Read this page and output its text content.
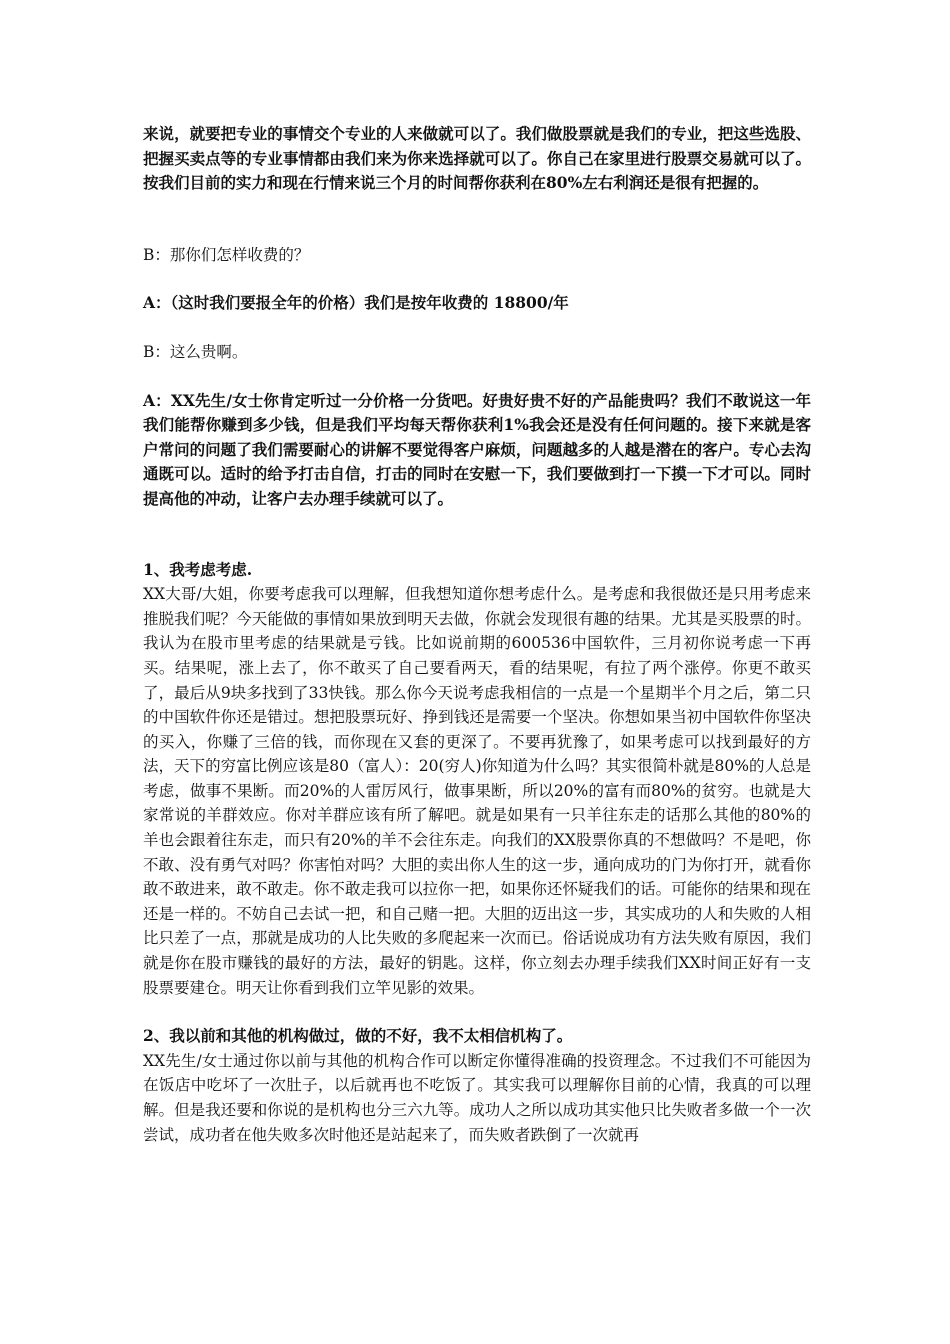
来说，就要把专业的事情交个专业的人来做就可以了。我们做股票就是我们的专业，把这些选股、把握买卖点等的专业事情都由我们来为你来选择就可以了。你自己在家里进行股票交易就可以了。按我们目前的实力和现在行情来说三个月的时间帮你获利在80%左右利润还是很有把握的。

B：那你们怎样收费的？

A：（这时我们要报全年的价格）我们是按年收费的 18800/年

B：这么贵啊。

A：XX先生/女士你肯定听过一分价格一分货吧。好贵好贵不好的产品能贵吗？我们不敢说这一年我们能帮你赚到多少钱，但是我们平均每天帮你获利1%我会还是没有任何问题的。接下来就是客户常问的问题了我们需要耐心的讲解不要觉得客户麻烦，问题越多的人越是潜在的客户。专心去沟通既可以。适时的给予打击自信，打击的同时在安慰一下，我们要做到打一下摸一下才可以。同时提高他的冲动，让客户去办理手续就可以了。

1、我考虑考虑.

XX大哥/大姐，你要考虑我可以理解，但我想知道你想考虑什么。是考虑和我很做还是只用考虑来推脱我们呢？今天能做的事情如果放到明天去做，你就会发现很有趣的结果。尤其是买股票的时。我认为在股市里考虑的结果就是亏钱。比如说前期的600536中国软件，三月初你说考虑一下再买。结果呢，涨上去了，你不敢买了自己要看两天，看的结果呢，有拉了两个涨停。你更不敢买了，最后从9块多找到了33快钱。那么你今天说考虑我相信的一点是一个星期半个月之后，第二只的中国软件你还是错过。想把股票玩好、挣到钱还是需要一个坚决。你想如果当初中国软件你坚决的买入，你赚了三倍的钱，而你现在又套的更深了。不要再犹豫了，如果考虑可以找到最好的方法，天下的穷富比例应该是80（富人）：20(穷人)你知道为什么吗？其实很简朴就是80%的人总是考虑，做事不果断。而20%的人雷厉风行，做事果断，所以20%的富有而80%的贫穷。也就是大家常说的羊群效应。你对羊群应该有所了解吧。就是如果有一只羊往东走的话那么其他的80%的羊也会跟着往东走，而只有20%的羊不会往东走。向我们的XX股票你真的不想做吗？不是吧，你不敢、没有勇气对吗？你害怕对吗？大胆的卖出你人生的这一步，通向成功的门为你打开，就看你敢不敢进来，敢不敢走。你不敢走我可以拉你一把，如果你还怀疑我们的话。可能你的结果和现在还是一样的。不妨自己去试一把，和自己赌一把。大胆的迈出这一步，其实成功的人和失败的人相比只差了一点，那就是成功的人比失败的多爬起来一次而已。俗话说成功有方法失败有原因，我们就是你在股市赚钱的最好的方法，最好的钥匙。这样，你立刻去办理手续我们XX时间正好有一支股票要建仓。明天让你看到我们立竿见影的效果。

2、我以前和其他的机构做过，做的不好，我不太相信机构了。

XX先生/女士通过你以前与其他的机构合作可以断定你懂得准确的投资理念。不过我们不可能因为在饭店中吃坏了一次肚子，以后就再也不吃饭了。其实我可以理解你目前的心情，我真的可以理解。但是我还要和你说的是机构也分三六九等。成功人之所以成功其实他只比失败者多做一个一次尝试，成功者在他失败多次时他还是站起来了，而失败者跌倒了一次就再
